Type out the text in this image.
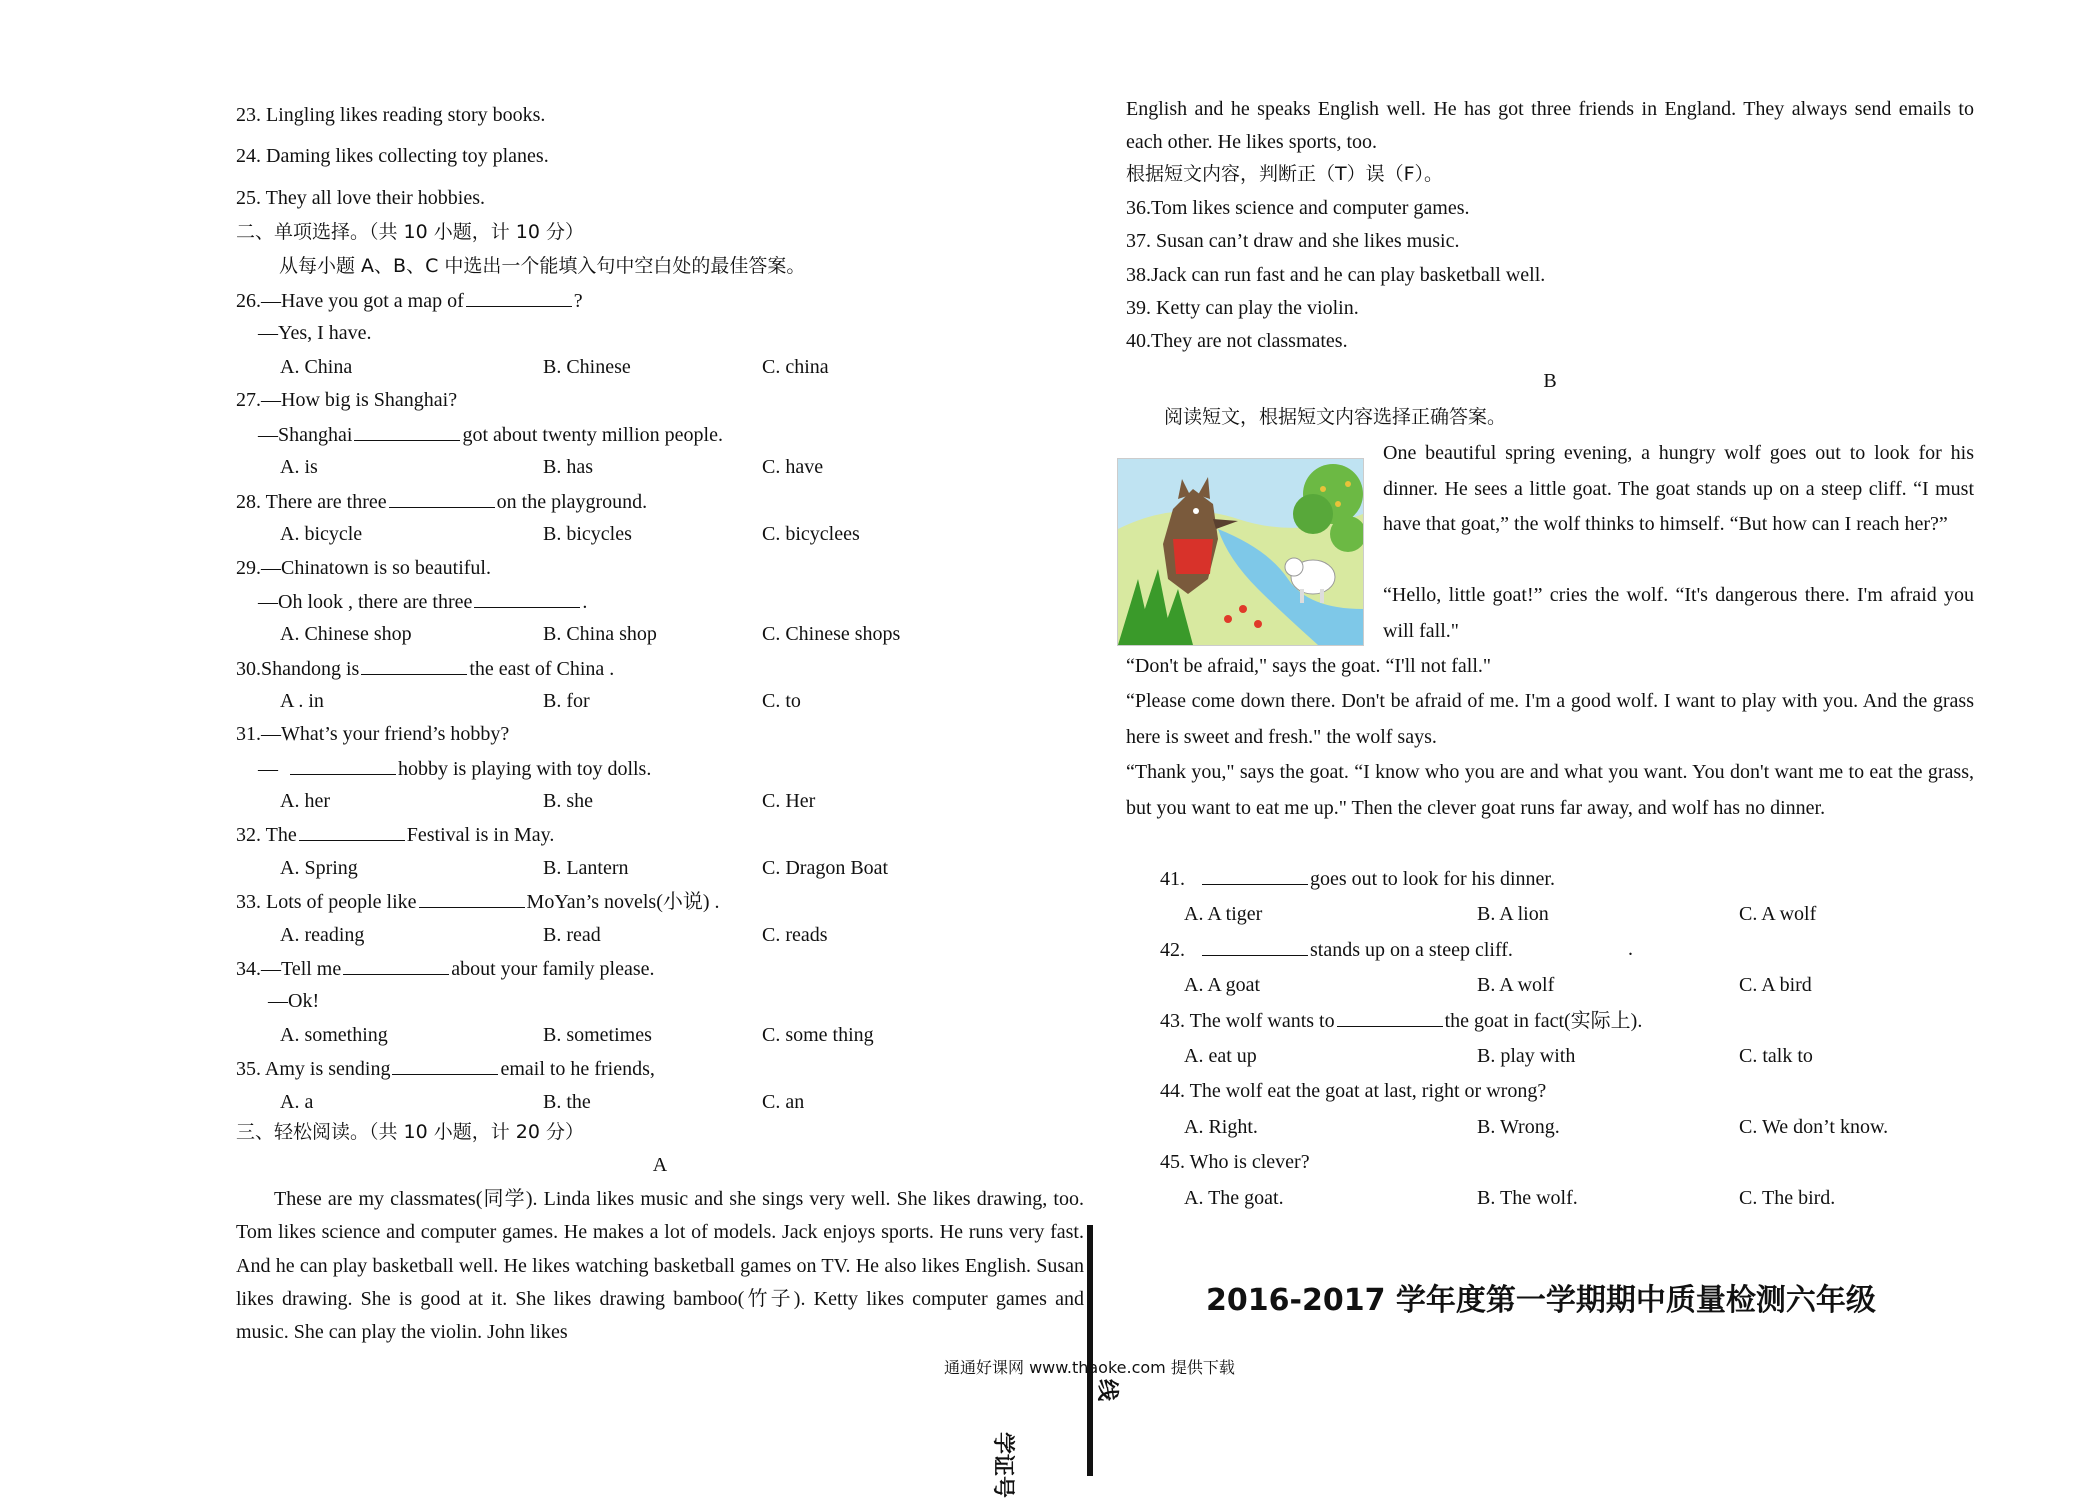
23. Lingling likes reading story books.
24. Daming likes collecting toy planes.
25. They all love their hobbies.
二、单项选择。（共 10 小题，计 10 分）
从每小题 A、B、C 中选出一个能填入句中空白处的最佳答案。
26.—Have you got a map of	?
—Yes, I have.
A. China	B. Chinese	C. china
27.—How big is Shanghai?
—Shanghai	got about twenty million people.
A. is	B. has	C. have
28. There are three	on the playground.
A. bicycle	B. bicycles	C. bicyclees
29.—Chinatown is so beautiful.
—Oh look , there are three	.
A. Chinese shop	B. China shop	C. Chinese shops
30.Shandong is	the east of China .
A . in	B. for	C. to
31.—What’s your friend’s hobby?
—	hobby is playing with toy dolls.
A. her	B. she	C. Her
32. The	Festival is in May.
A. Spring	B. Lantern	C. Dragon Boat
33. Lots of people like	MoYan’s novels(小说) .
A. reading	B. read	C. reads
34.—Tell me	about your family please.
—Ok!
A. something	B. sometimes	C. some thing
35. Amy is sending	email to he friends,
A. a	B. the	C. an
三、轻松阅读。（共 10 小题，计 20 分）
A
These are my classmates(同学). Linda likes music and she sings very well. She likes drawing, too. Tom likes science and computer games. He makes a lot of models. Jack enjoys sports. He runs very fast. And he can play basketball well. He likes watching basketball games on TV. He also likes English. Susan likes drawing. She is good at it. She likes drawing bamboo(竹子). Ketty likes computer games and music. She can play the violin. John likes
English and he speaks English well. He has got three friends in England. They always send emails to each other. He likes sports, too.
根据短文内容，判断正（T）误（F）。
36.Tom likes science and computer games.
37. Susan can’t draw and she likes music.
38.Jack can run fast and he can play basketball well.
39. Ketty can play the violin.
40.They are not classmates.
B
阅读短文，根据短文内容选择正确答案。
One beautiful spring evening, a hungry wolf goes out to look for his dinner. He sees a little goat. The goat stands up on a steep cliff. “I must have that goat,” the wolf thinks to himself. “But how can I reach her?”
“Hello, little goat!” cries the wolf. “It's dangerous there. I'm afraid you will fall."
“Don't be afraid," says the goat. “I'll not fall."
“Please come down there. Don't be afraid of me. I'm a good wolf. I want to play with you. And the grass here is sweet and fresh." the wolf says.
“Thank you," says the goat. “I know who you are and what you want. You don't want me to eat the grass, but you want to eat me up." Then the clever goat runs far away, and wolf has no dinner.
41.	goes out to look for his dinner.
A. A tiger	B. A lion	C. A wolf
42.	stands up on a steep cliff.	.
A. A goat	B. A wolf	C. A bird
43. The wolf wants to	the goat in fact(实际上).
A. eat up	B. play with	C. talk to
44. The wolf eat the goat at last, right or wrong?
A. Right.	B. Wrong.	C. We don’t know.
45. Who is clever?
A. The goat.	B. The wolf.	C. The bird.
2016-2017 学年度第一学期期中质量检测六年级
学证号
线
通通好课网 www.thaoke.com 提供下载
